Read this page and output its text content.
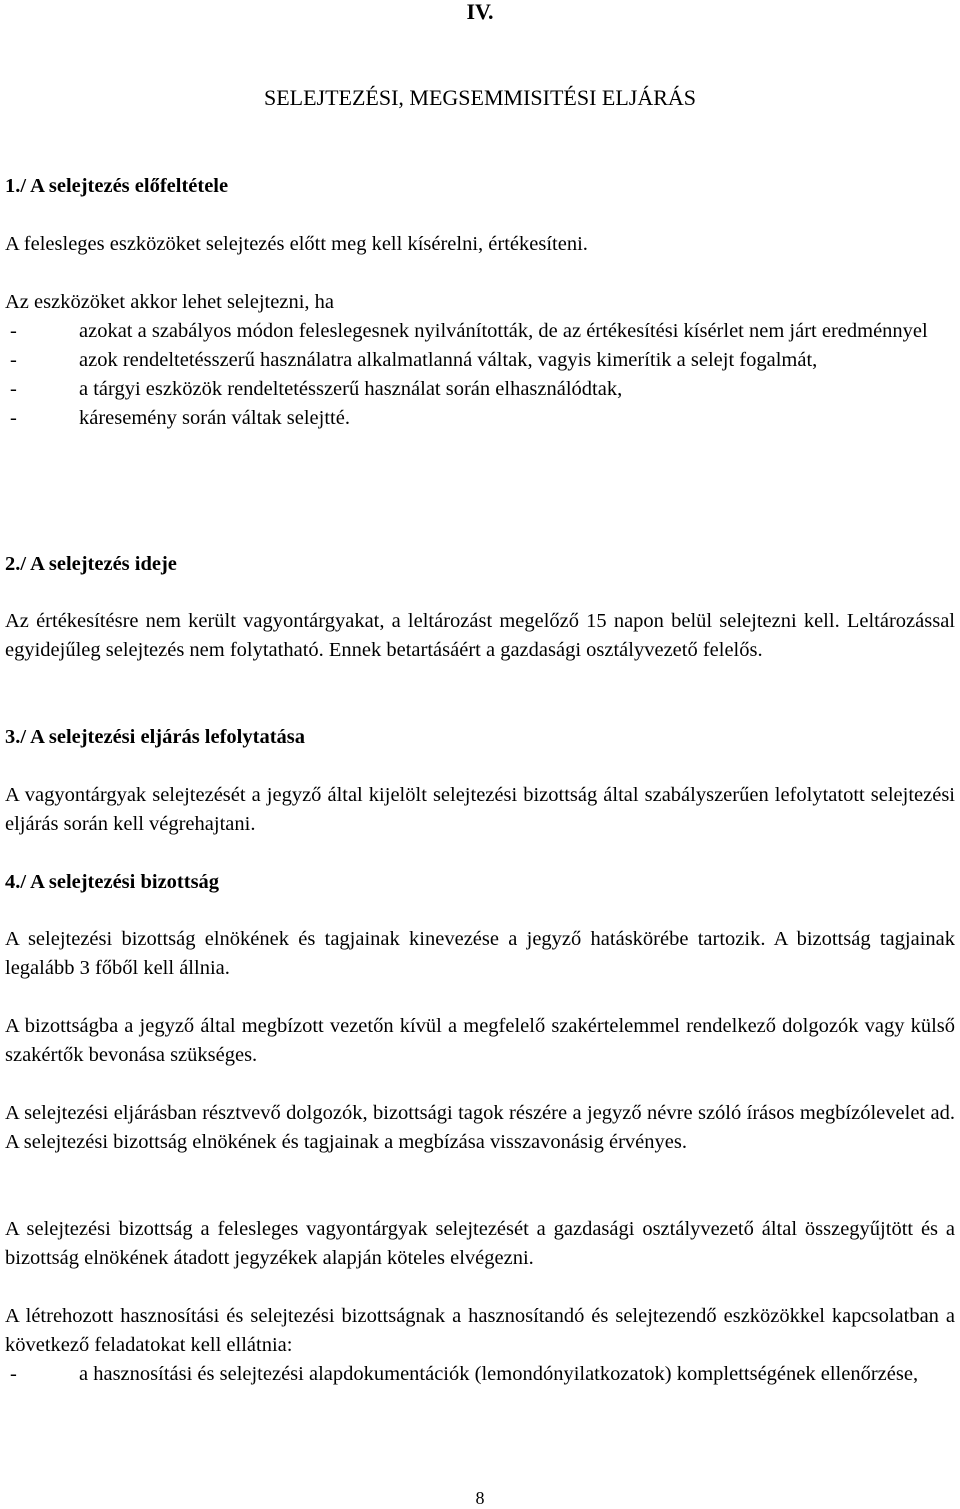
IV.
SELEJTEZÉSI, MEGSEMMISITÉSI ELJÁRÁS
1./ A selejtezés előfeltétele
A felesleges eszközöket selejtezés előtt meg kell kísérelni, értékesíteni.
Az eszközöket akkor lehet selejtezni, ha
-	azokat a szabályos módon feleslegesnek nyilvánították, de az értékesítési kísérlet nem járt eredménnyel
-	azok rendeltetésszerű használatra alkalmatlanná váltak, vagyis kimerítik a selejt fogalmát,
-	a tárgyi eszközök rendeltetésszerű használat során elhasználódtak,
-	káresemény során váltak selejtté.
2./ A selejtezés ideje
Az értékesítésre nem került vagyontárgyakat, a leltározást megelőző 15 napon belül selejtezni kell. Leltározással egyidejűleg selejtezés nem folytatható. Ennek betartásáért a gazdasági osztályvezető felelős.
3./ A selejtezési eljárás lefolytatása
A vagyontárgyak selejtezését a jegyző által kijelölt selejtezési bizottság által szabályszerűen lefolytatott selejtezési eljárás során kell végrehajtani.
4./ A selejtezési bizottság
A selejtezési bizottság elnökének és tagjainak kinevezése a jegyző hatáskörébe tartozik. A bizottság tagjainak legalább 3 főből kell állnia.
A bizottságba a jegyző által megbízott vezetőn kívül a megfelelő szakértelemmel rendelkező dolgozók vagy külső szakértők bevonása szükséges.
A selejtezési eljárásban résztvevő dolgozók, bizottsági tagok részére a jegyző névre szóló írásos megbízólevelet ad. A selejtezési bizottság elnökének és tagjainak a megbízása visszavonásig érvényes.
A selejtezési bizottság a felesleges vagyontárgyak selejtezését a gazdasági osztályvezető által összegyűjtött és a bizottság elnökének átadott jegyzékek alapján köteles elvégezni.
A létrehozott hasznosítási és selejtezési bizottságnak a hasznosítandó és selejtezendő eszközökkel kapcsolatban a következő feladatokat kell ellátnia:
-	a hasznosítási és selejtezési alapdokumentációk (lemondónyilatkozatok) komplettségének ellenőrzése,
8
